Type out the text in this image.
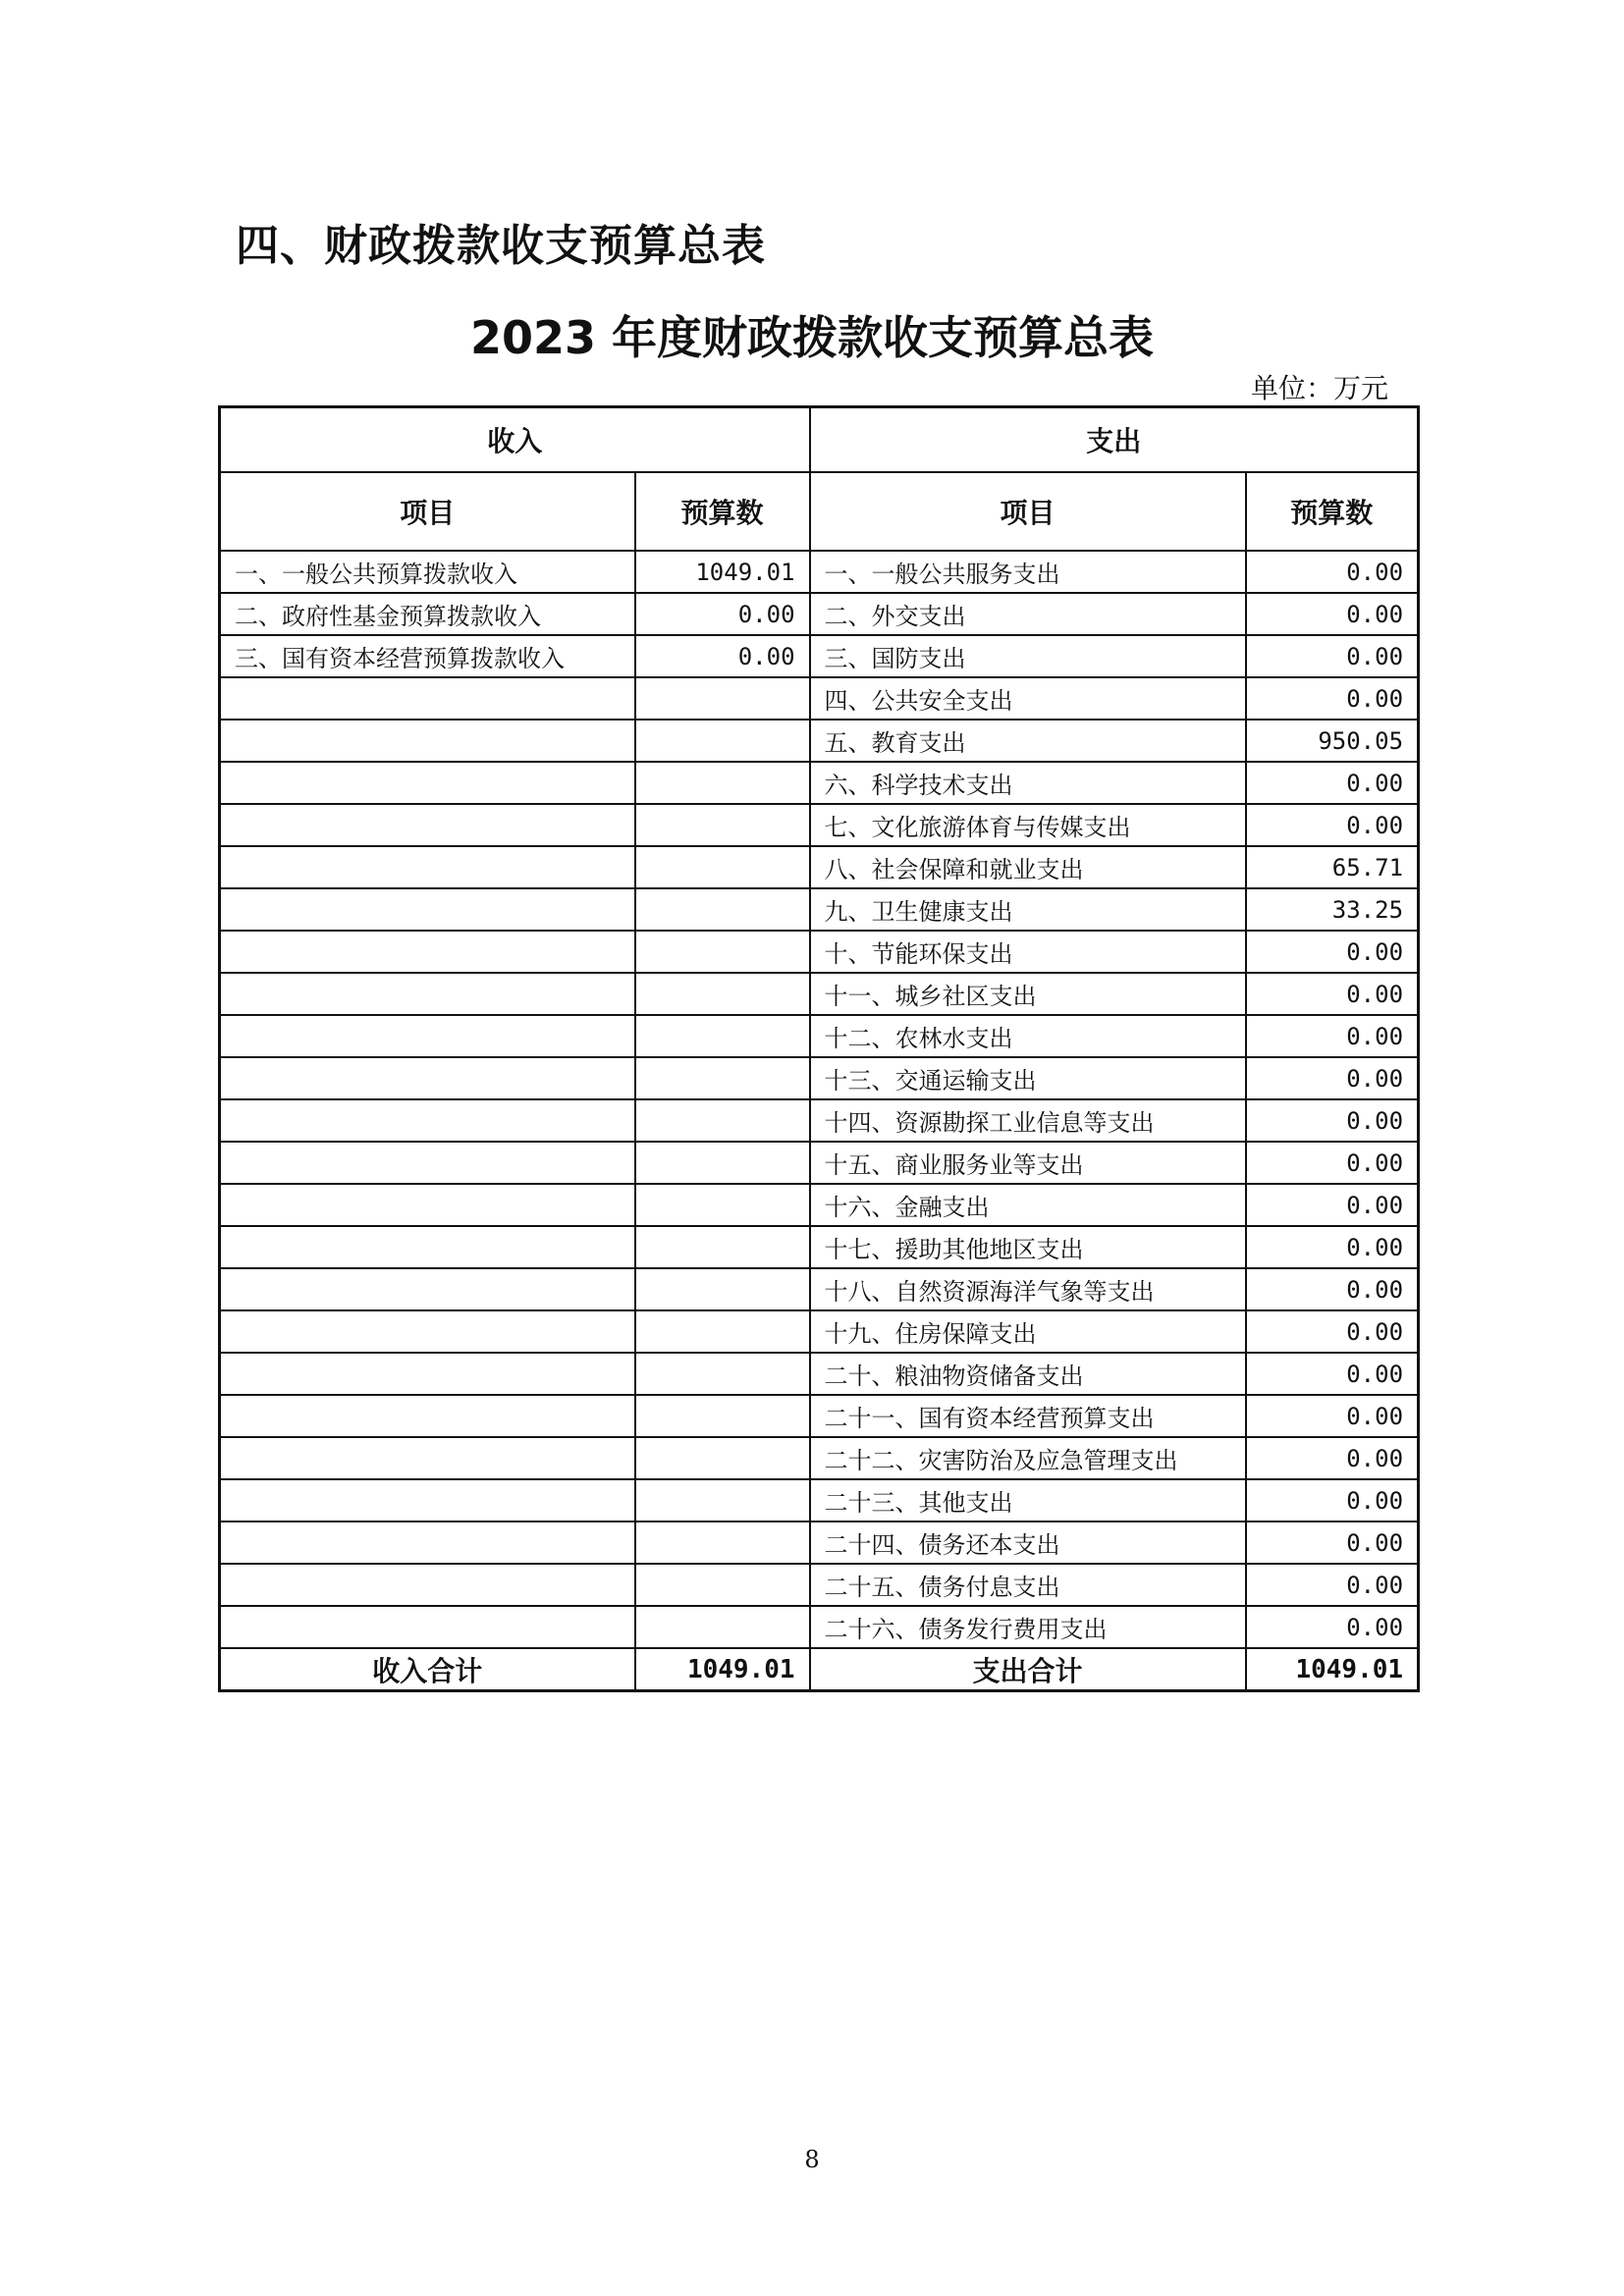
四、财政拨款收支预算总表
2023 年度财政拨款收支预算总表
单位：万元
收入		支出	
项目	预算数	项目	预算数
一、一般公共预算拨款收入	1049.01	一、一般公共服务支出	0.00
二、政府性基金预算拨款收入	0.00	二、外交支出	0.00
三、国有资本经营预算拨款收入	0.00	三、国防支出	0.00
		四、公共安全支出	0.00
		五、教育支出	950.05
		六、科学技术支出	0.00
		七、文化旅游体育与传媒支出	0.00
		八、社会保障和就业支出	65.71
		九、卫生健康支出	33.25
		十、节能环保支出	0.00
		十一、城乡社区支出	0.00
		十二、农林水支出	0.00
		十三、交通运输支出	0.00
		十四、资源勘探工业信息等支出	0.00
		十五、商业服务业等支出	0.00
		十六、金融支出	0.00
		十七、援助其他地区支出	0.00
		十八、自然资源海洋气象等支出	0.00
		十九、住房保障支出	0.00
		二十、粮油物资储备支出	0.00
		二十一、国有资本经营预算支出	0.00
		二十二、灾害防治及应急管理支出	0.00
		二十三、其他支出	0.00
		二十四、债务还本支出	0.00
		二十五、债务付息支出	0.00
		二十六、债务发行费用支出	0.00
收入合计	1049.01	支出合计	1049.01
8
